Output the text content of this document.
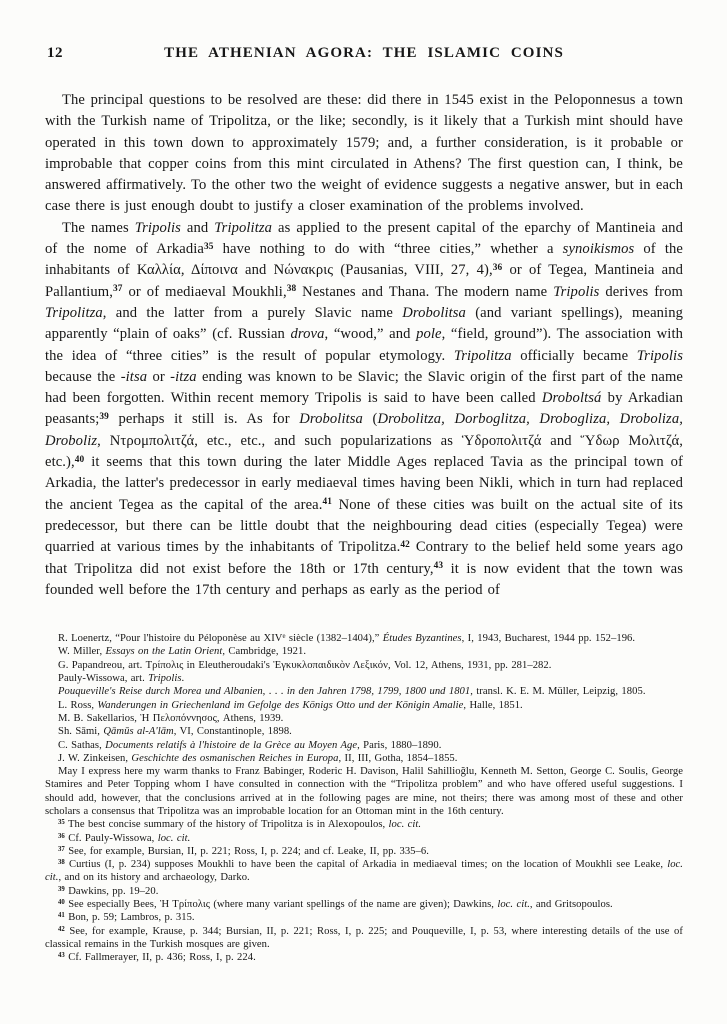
12	THE ATHENIAN AGORA: THE ISLAMIC COINS

The principal questions to be resolved are these: did there in 1545 exist in the Peloponnesus a town with the Turkish name of Tripolitza, or the like; secondly, is it likely that a Turkish mint should have operated in this town down to approximately 1579; and, a further consideration, is it probable or improbable that copper coins from this mint circulated in Athens? The first question can, I think, be answered affirmatively. To the other two the weight of evidence suggests a negative answer, but in each case there is just enough doubt to justify a closer examination of the problems involved.

The names Tripolis and Tripolitza as applied to the present capital of the eparchy of Mantineia and of the nome of Arkadia$^{35}$ have nothing to do with “three cities,” whether a synoikismos of the inhabitants of Καλλία, Δίποινα and Νώνακρις (Pausanias, VIII, 27, 4),$^{36}$ or of Tegea, Mantineia and Pallantium,$^{37}$ or of mediaeval Moukhli,$^{38}$ Nestanes and Thana. The modern name Tripolis derives from Tripolitza, and the latter from a purely Slavic name Drobolitsa (and variant spellings), meaning apparently “plain of oaks” (cf. Russian drova, “wood,” and pole, “field, ground”). The association with the idea of “three cities” is the result of popular etymology. Tripolitza officially became Tripolis because the -itsa or -itza ending was known to be Slavic; the Slavic origin of the first part of the name had been forgotten. Within recent memory Tripolis is said to have been called Droboltsá by Arkadian peasants;$^{39}$ perhaps it still is. As for Drobolitsa (Drobolitza, Dorboglitza, Drobogliza, Droboliza, Droboliz, Ντρομπολιτζά, etc., etc., and such popularizations as Ὑδροπολιτζά and Ὕδωρ Μολιτζά, etc.),$^{40}$ it seems that this town during the later Middle Ages replaced Tavia as the principal town of Arkadia, the latter's predecessor in early mediaeval times having been Nikli, which in turn had replaced the ancient Tegea as the capital of the area.$^{41}$ None of these cities was built on the actual site of its predecessor, but there can be little doubt that the neighbouring dead cities (especially Tegea) were quarried at various times by the inhabitants of Tripolitza.$^{42}$ Contrary to the belief held some years ago that Tripolitza did not exist before the 18th or 17th century,$^{43}$ it is now evident that the town was founded well before the 17th century and perhaps as early as the period of

R. Loenertz, “Pour l'histoire du Péloponèse au XIVe siècle (1382–1404),” Études Byzantines, I, 1943, Bucharest, 1944 pp. 152–196.

W. Miller, Essays on the Latin Orient, Cambridge, 1921.

G. Papandreou, art. Τρίπολις in Eleutheroudaki's Ἐγκυκλοπαιδικὸν Λεξικόν, Vol. 12, Athens, 1931, pp. 281–282.

Pauly-Wissowa, art. Tripolis.

Pouqueville's Reise durch Morea und Albanien, . . . in den Jahren 1798, 1799, 1800 und 1801, transl. K. E. M. Müller, Leipzig, 1805.

L. Ross, Wanderungen in Griechenland im Gefolge des Königs Otto und der Königin Amalie, Halle, 1851.

M. B. Sakellarios, Ἡ Πελοπόννησος, Athens, 1939.

Sh. Sāmi, Qāmūs al-A'lām, VI, Constantinople, 1898.

C. Sathas, Documents relatifs à l'histoire de la Grèce au Moyen Age, Paris, 1880–1890.

J. W. Zinkeisen, Geschichte des osmanischen Reiches in Europa, II, III, Gotha, 1854–1855.

May I express here my warm thanks to Franz Babinger, Roderic H. Davison, Halil Sahillioğlu, Kenneth M. Setton, George C. Soulis, George Stamires and Peter Topping whom I have consulted in connection with the “Tripolitza problem” and who have offered useful suggestions. I should add, however, that the conclusions arrived at in the following pages are mine, not theirs; there was among most of these and other scholars a consensus that Tripolitza was an improbable location for an Ottoman mint in the 16th century.

$^{35}$ The best concise summary of the history of Tripolitza is in Alexopoulos, loc. cit.

$^{36}$ Cf. Pauly-Wissowa, loc. cit.

$^{37}$ See, for example, Bursian, II, p. 221; Ross, I, p. 224; and cf. Leake, II, pp. 335–6.

$^{38}$ Curtius (I, p. 234) supposes Moukhli to have been the capital of Arkadia in mediaeval times; on the location of Moukhli see Leake, loc. cit., and on its history and archaeology, Darko.

$^{39}$ Dawkins, pp. 19–20.

$^{40}$ See especially Bees, Ἡ Τρίπολις (where many variant spellings of the name are given); Dawkins, loc. cit., and Gritsopoulos.

$^{41}$ Bon, p. 59; Lambros, p. 315.

$^{42}$ See, for example, Krause, p. 344; Bursian, II, p. 221; Ross, I, p. 225; and Pouqueville, I, p. 53, where interesting details of the use of classical remains in the Turkish mosques are given.

$^{43}$ Cf. Fallmerayer, II, p. 436; Ross, I, p. 224.
